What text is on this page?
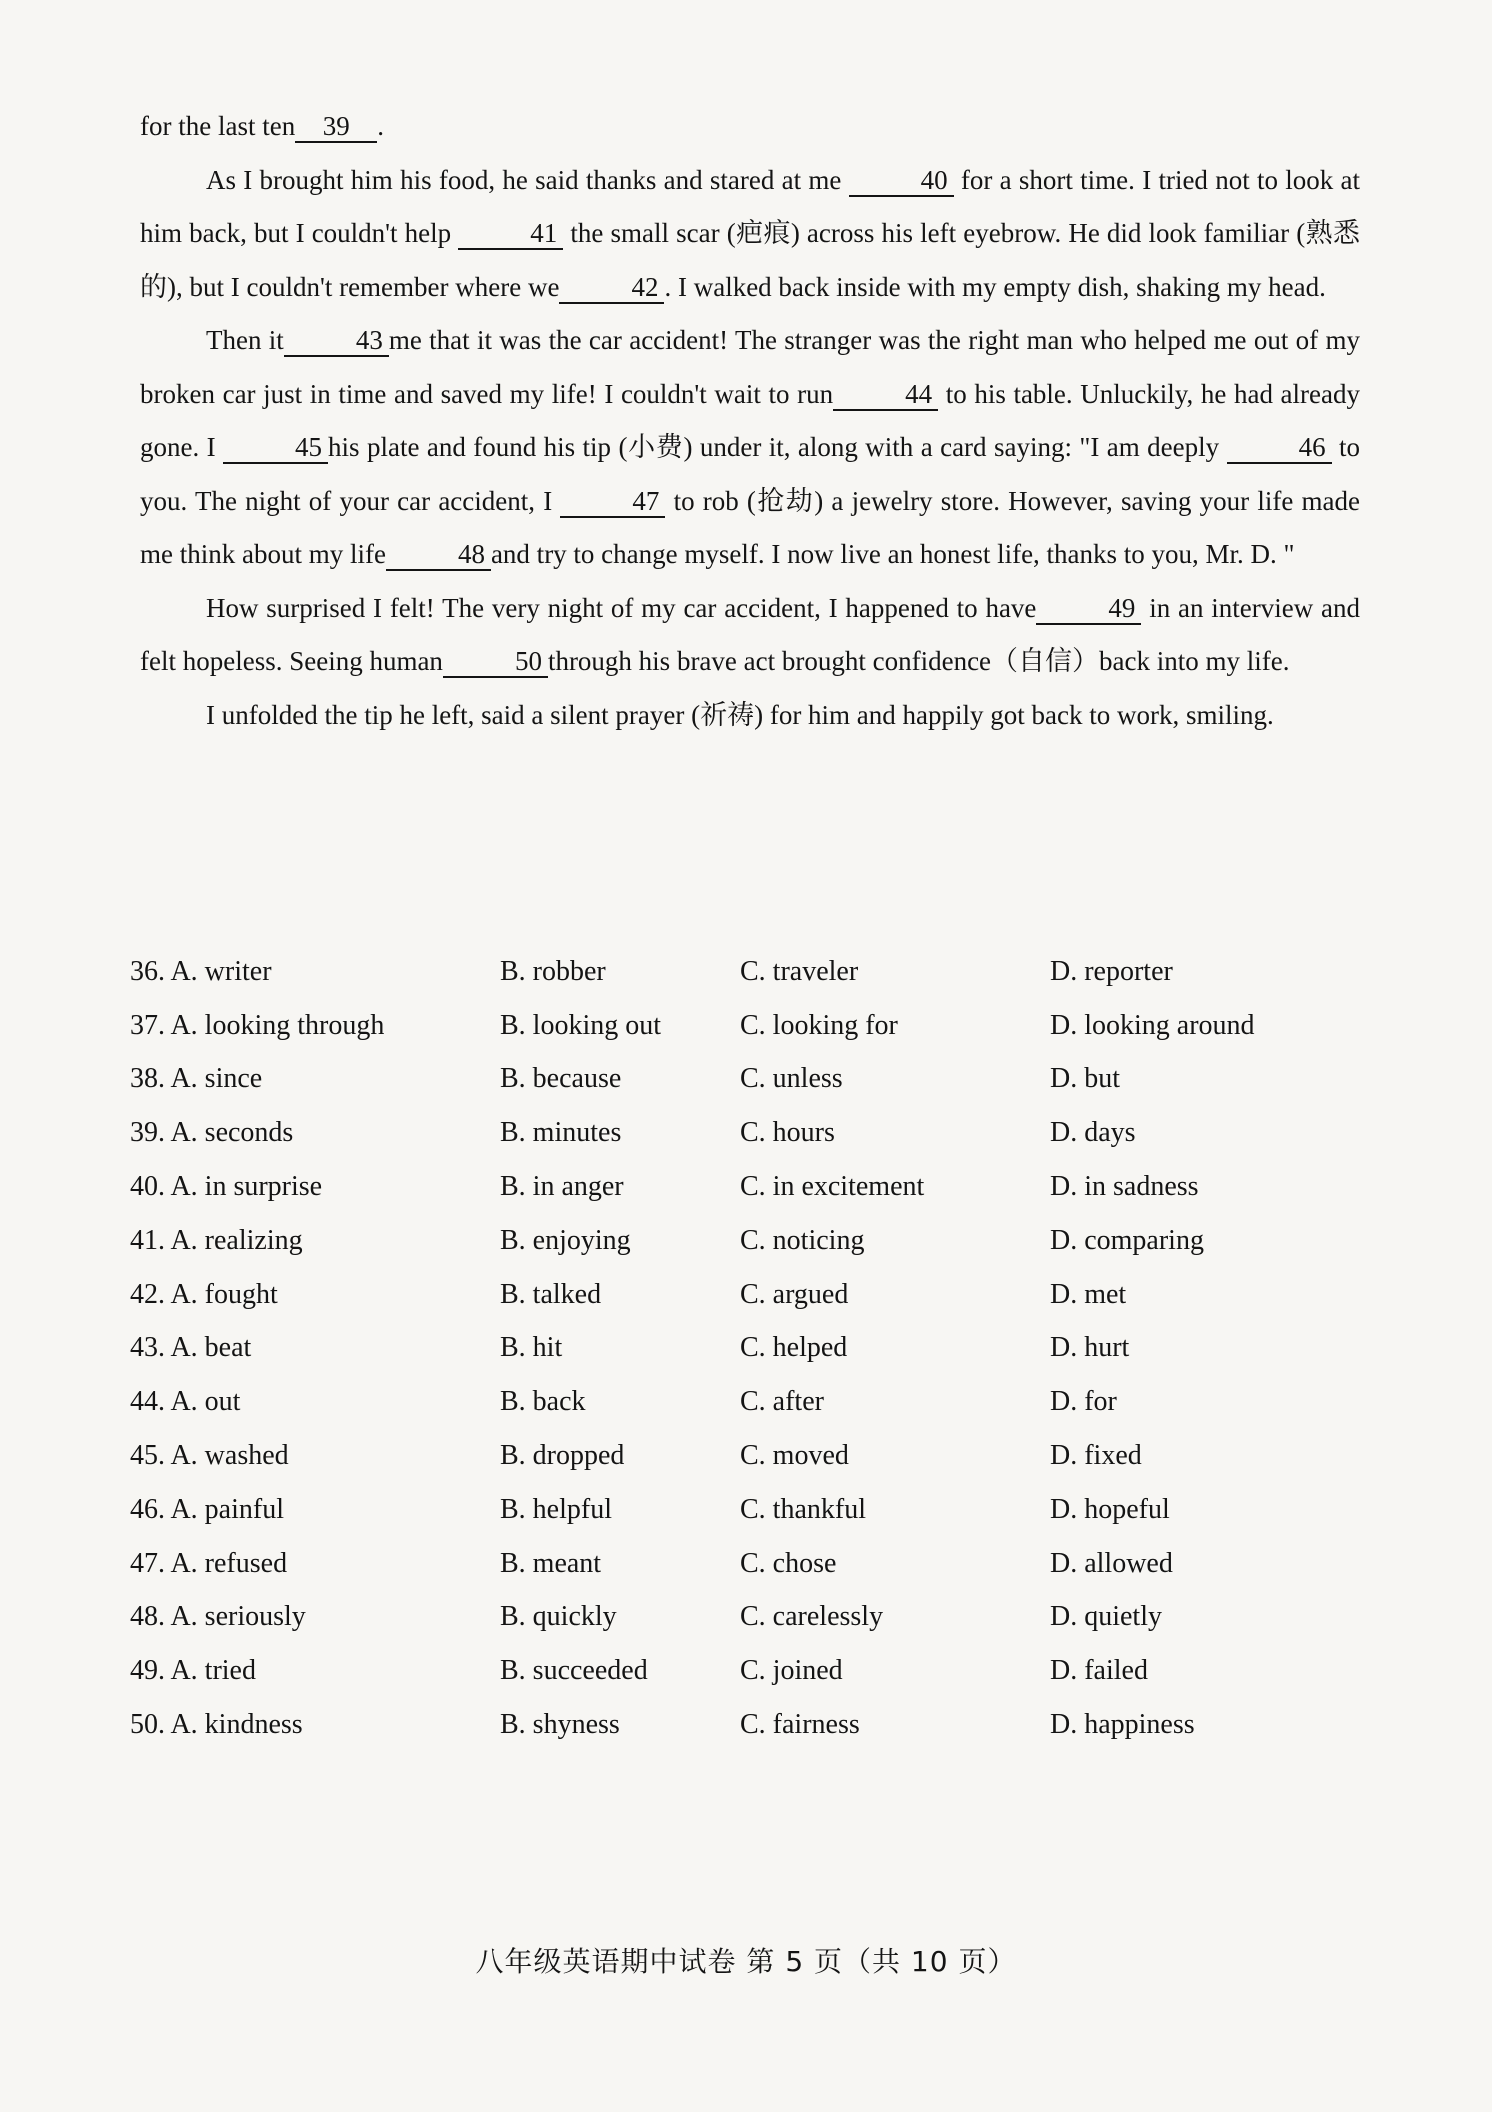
for the last ten 39 .

As I brought him his food, he said thanks and stared at me	40 for a short time. I tried not to look at him back, but I couldn't help	41 the small scar (疤痕) across his left eyebrow. He did look familiar (熟悉的), but I couldn't remember where we	42 . I walked back inside with my empty dish, shaking my head.

Then it	43 me that it was the car accident! The stranger was the right man who helped me out of my broken car just in time and saved my life! I couldn't wait to run	44 to his table. Unluckily, he had already gone. I	45 his plate and found his tip (小费) under it, along with a card saying: "I am deeply	46 to you. The night of your car accident, I	47 to rob (抢劫) a jewelry store. However, saving your life made me think about my life	48 and try to change myself. I now live an honest life, thanks to you, Mr. D. "

How surprised I felt! The very night of my car accident, I happened to have	49 in an interview and felt hopeless. Seeing human	50 through his brave act brought confidence（自信）back into my life.

I unfolded the tip he left, said a silent prayer (祈祷) for him and happily got back to work, smiling.

36. A. writer	B. robber	C. traveler	D. reporter
37. A. looking through	B. looking out	C. looking for	D. looking around
38. A. since	B. because	C. unless	D. but
39. A. seconds	B. minutes	C. hours	D. days
40. A. in surprise	B. in anger	C. in excitement	D. in sadness
41. A. realizing	B. enjoying	C. noticing	D. comparing
42. A. fought	B. talked	C. argued	D. met
43. A. beat	B. hit	C. helped	D. hurt
44. A. out	B. back	C. after	D. for
45. A. washed	B. dropped	C. moved	D. fixed
46. A. painful	B. helpful	C. thankful	D. hopeful
47. A. refused	B. meant	C. chose	D. allowed
48. A. seriously	B. quickly	C. carelessly	D. quietly
49. A. tried	B. succeeded	C. joined	D. failed
50. A. kindness	B. shyness	C. fairness	D. happiness
八年级英语期中试卷 第 5 页（共 10 页）
